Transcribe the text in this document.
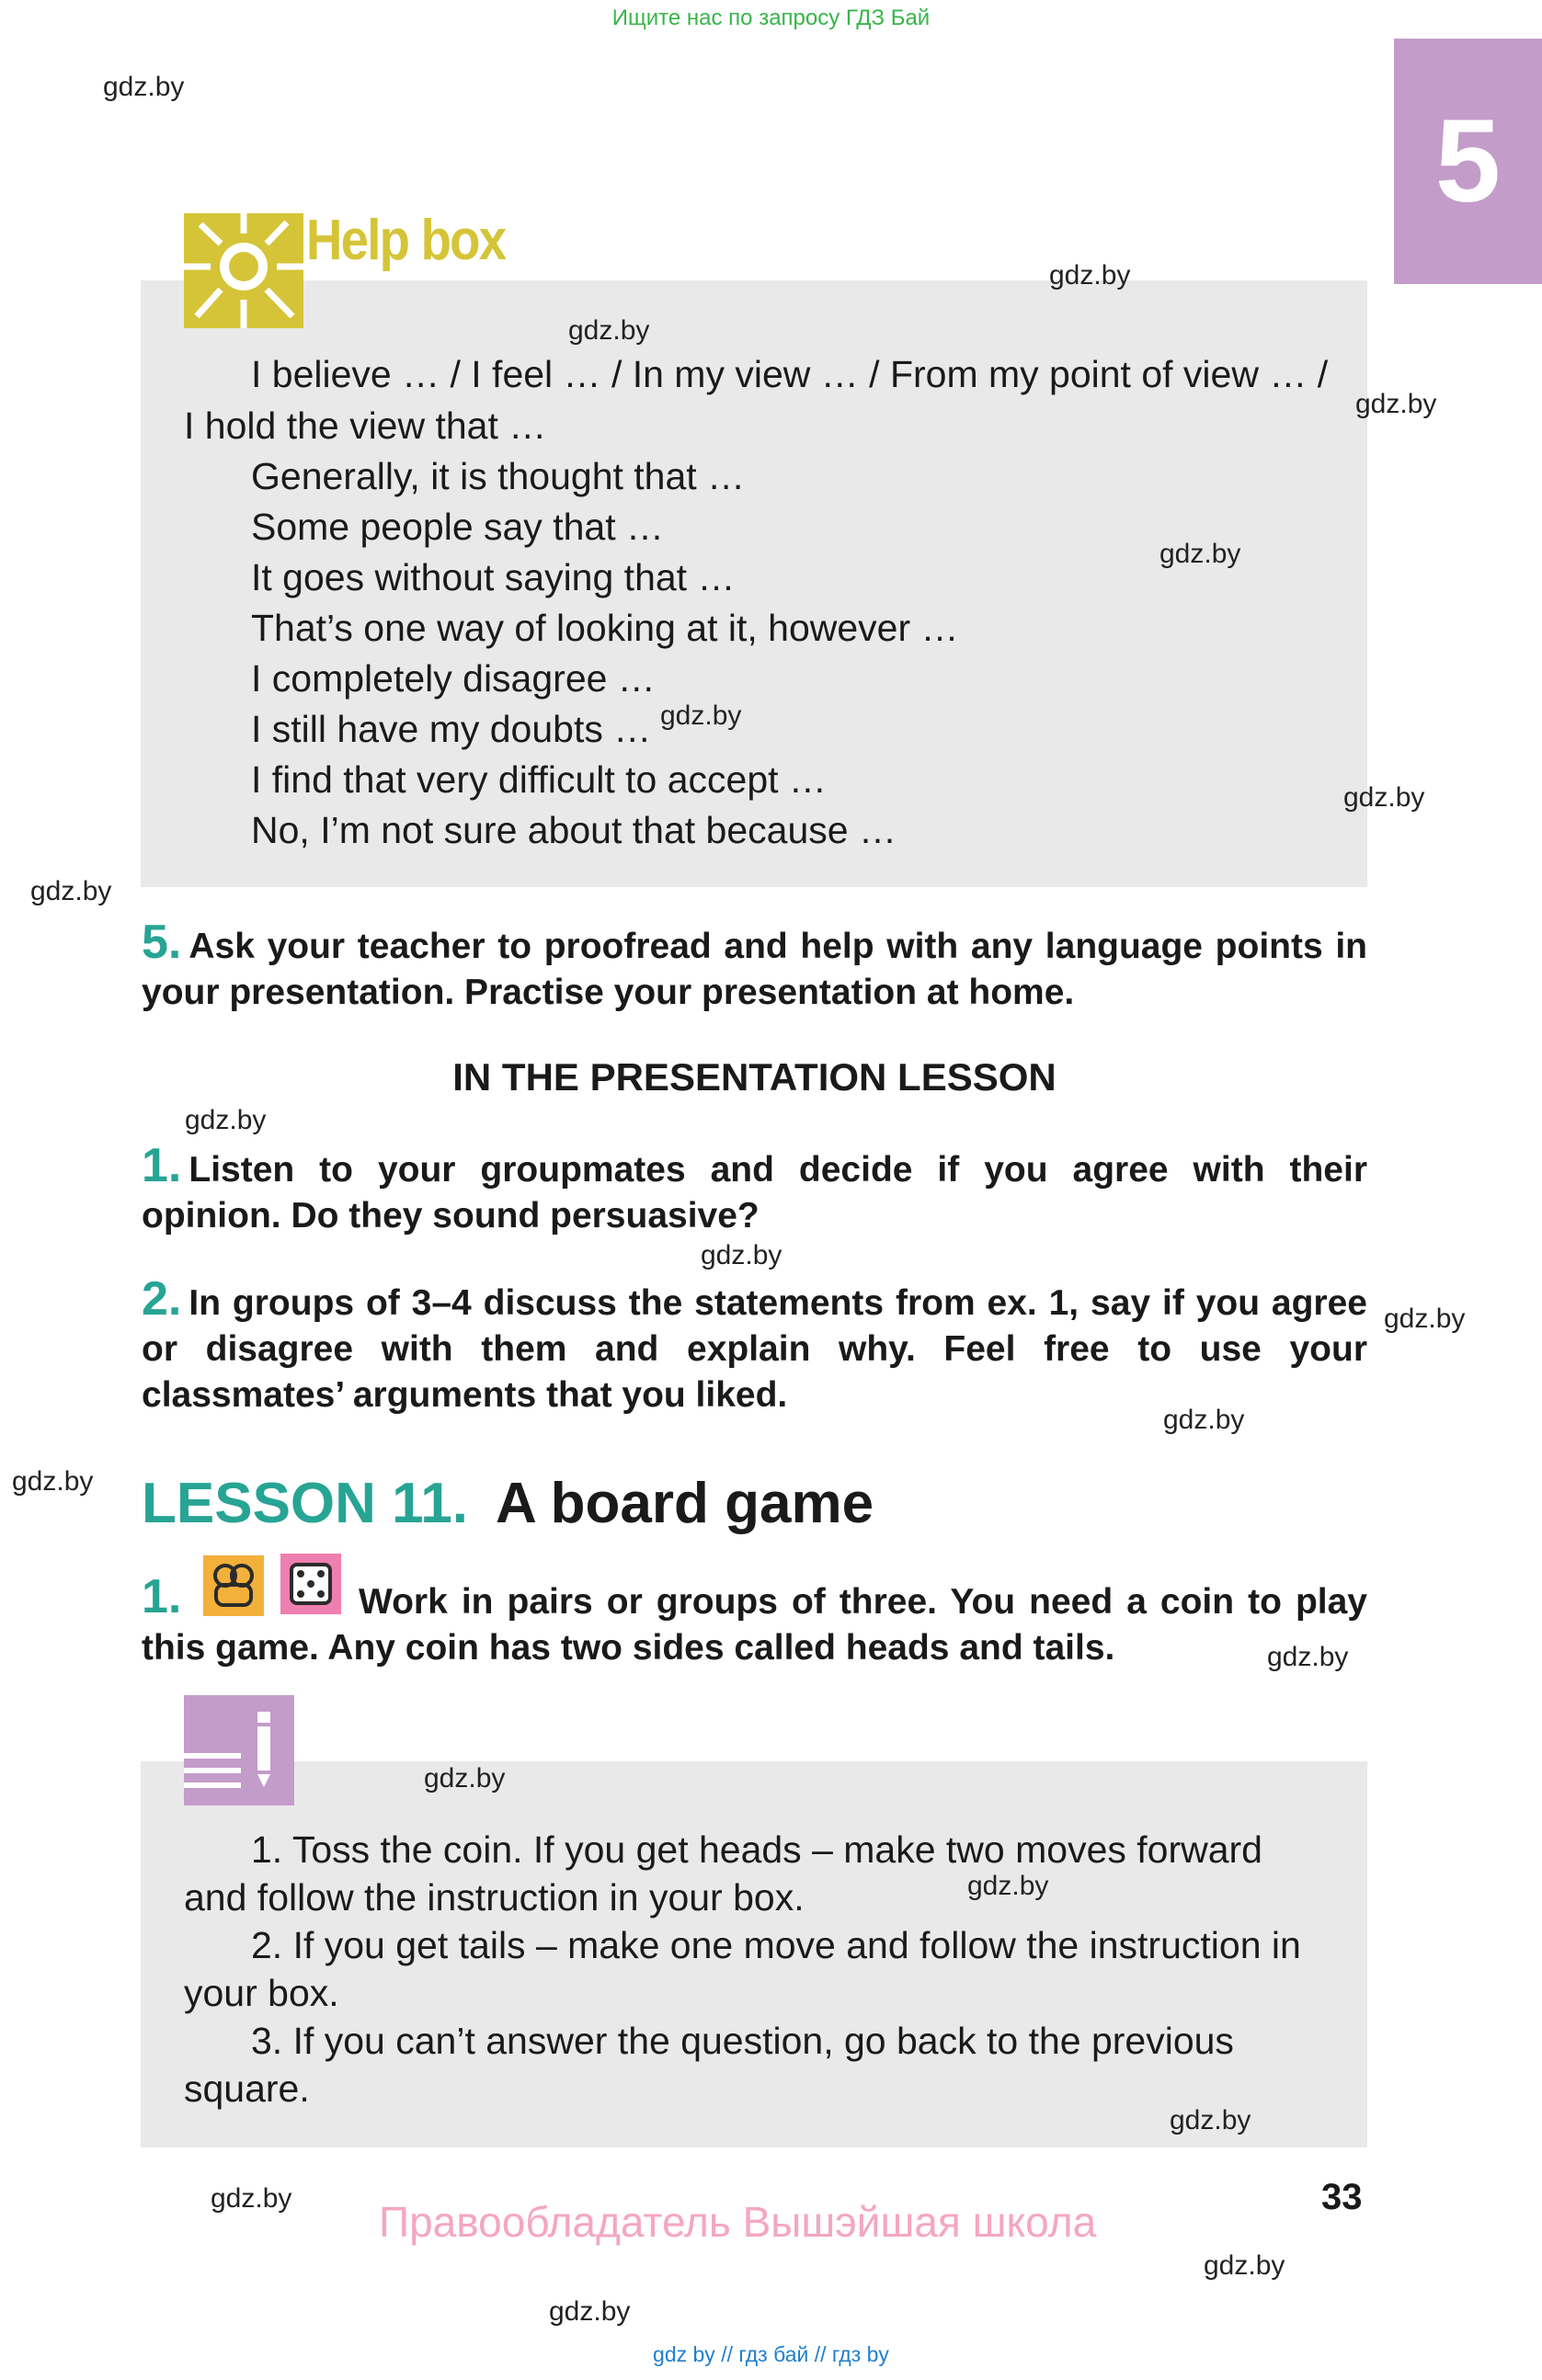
Ищите нас по запросу ГДЗ Бай
gdz by // гдз бай // гдз by
5
Help box
I believe … / I feel … / In my view … / From my point of view … /
I hold the view that …
Generally, it is thought that …
Some people say that …
It goes without saying that …
That’s one way of looking at it, however …
I completely disagree …
I still have my doubts …
I find that very difficult to accept …
No, I’m not sure about that because …
5. Ask your teacher to proofread and help with any language points in your presentation. Practise your presentation at home.
IN THE PRESENTATION LESSON
1. Listen to your groupmates and decide if you agree with their opinion. Do they sound persuasive?
2. In groups of 3–4 discuss the statements from ex. 1, say if you agree or disagree with them and explain why. Feel free to use your classmates’ arguments that you liked.
LESSON 11. A board game
1.	Work in pairs or groups of three. You need a coin to play this game. Any coin has two sides called heads and tails.
1. Toss the coin. If you get heads – make two moves forward and follow the instruction in your box.
2. If you get tails – make one move and follow the instruction in your box.
3. If you can’t answer the question, go back to the previous square.
33
Правообладатель Вышэйшая школа
gdz.by
gdz.by
gdz.by
gdz.by
gdz.by
gdz.by
gdz.by
gdz.by
gdz.by
gdz.by
gdz.by
gdz.by
gdz.by
gdz.by
gdz.by
gdz.by
gdz.by
gdz.by
gdz.by
gdz.by
